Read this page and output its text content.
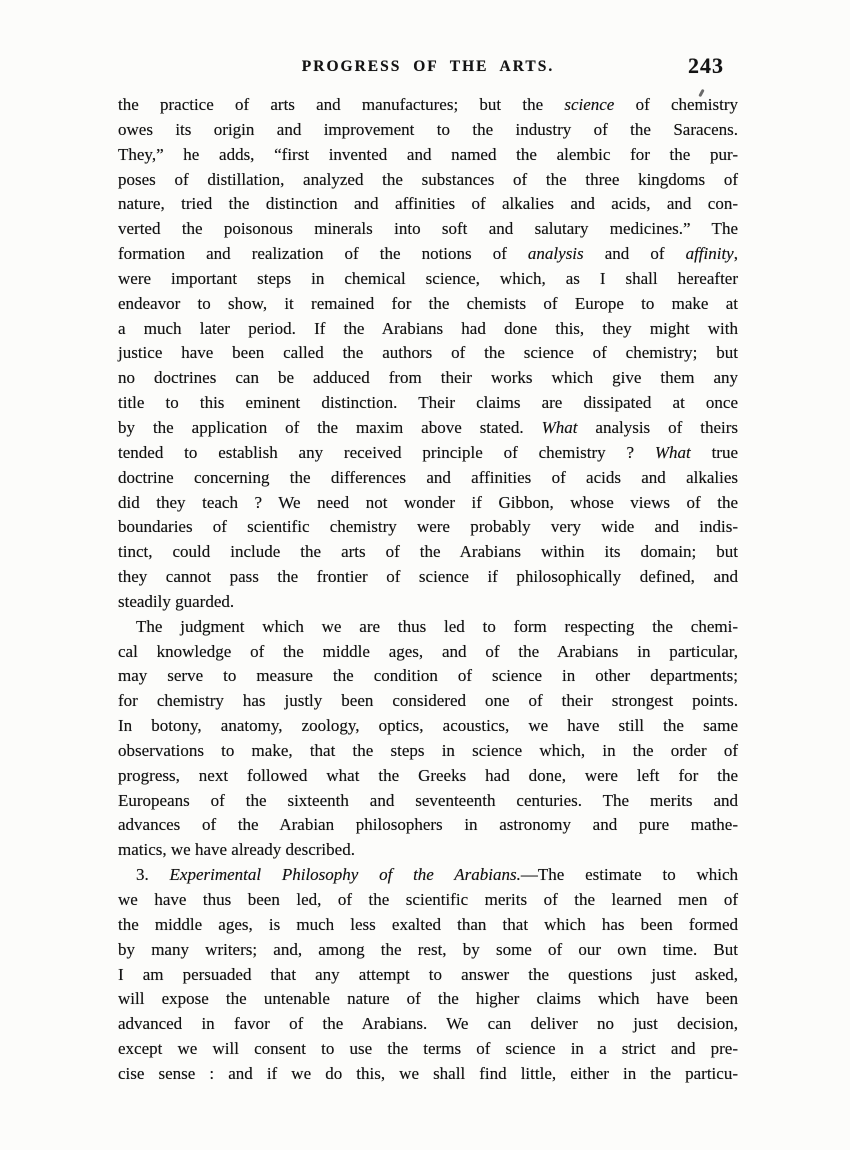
PROGRESS OF THE ARTS.	243
the practice of arts and manufactures; but the science of chemistry
owes its origin and improvement to the industry of the Saracens.
They,” he adds, “first invented and named the alembic for the pur-
poses of distillation, analyzed the substances of the three kingdoms of
nature, tried the distinction and affinities of alkalies and acids, and con-
verted the poisonous minerals into soft and salutary medicines.” The
formation and realization of the notions of analysis and of affinity,
were important steps in chemical science, which, as I shall hereafter
endeavor to show, it remained for the chemists of Europe to make at
a much later period. If the Arabians had done this, they might with
justice have been called the authors of the science of chemistry; but
no doctrines can be adduced from their works which give them any
title to this eminent distinction. Their claims are dissipated at once
by the application of the maxim above stated. What analysis of theirs
tended to establish any received principle of chemistry ? What true
doctrine concerning the differences and affinities of acids and alkalies
did they teach ? We need not wonder if Gibbon, whose views of the
boundaries of scientific chemistry were probably very wide and indis-
tinct, could include the arts of the Arabians within its domain; but
they cannot pass the frontier of science if philosophically defined, and
steadily guarded.
The judgment which we are thus led to form respecting the chemi-
cal knowledge of the middle ages, and of the Arabians in particular,
may serve to measure the condition of science in other departments;
for chemistry has justly been considered one of their strongest points.
In botony, anatomy, zoology, optics, acoustics, we have still the same
observations to make, that the steps in science which, in the order of
progress, next followed what the Greeks had done, were left for the
Europeans of the sixteenth and seventeenth centuries. The merits and
advances of the Arabian philosophers in astronomy and pure mathe-
matics, we have already described.
3. Experimental Philosophy of the Arabians.—The estimate to which
we have thus been led, of the scientific merits of the learned men of
the middle ages, is much less exalted than that which has been formed
by many writers; and, among the rest, by some of our own time. But
I am persuaded that any attempt to answer the questions just asked,
will expose the untenable nature of the higher claims which have been
advanced in favor of the Arabians. We can deliver no just decision,
except we will consent to use the terms of science in a strict and pre-
cise sense : and if we do this, we shall find little, either in the particu-
